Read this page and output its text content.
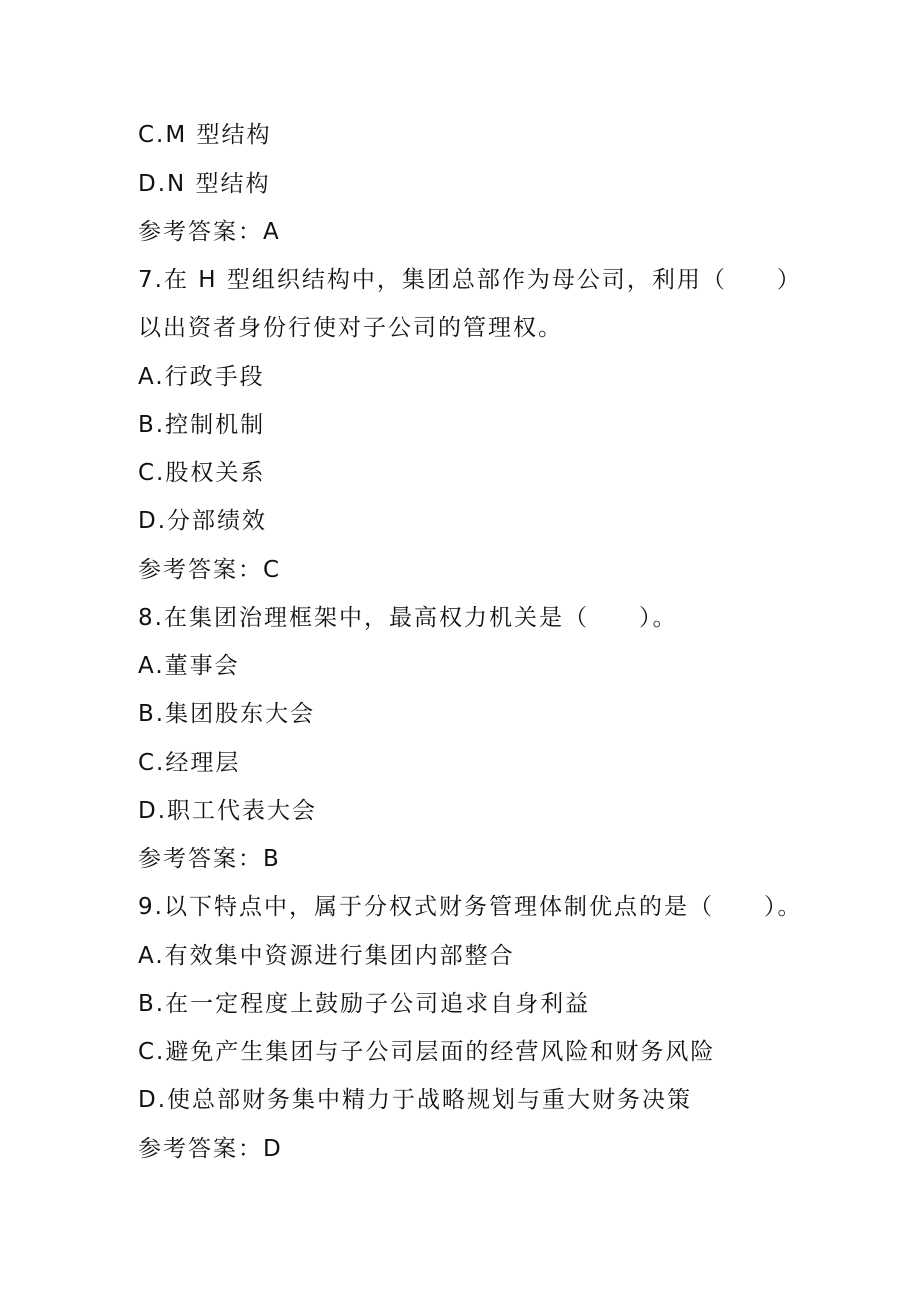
C.M 型结构
D.N 型结构
参考答案：A
7.在 H 型组织结构中，集团总部作为母公司，利用（　　）
以出资者身份行使对子公司的管理权。
A.行政手段
B.控制机制
C.股权关系
D.分部绩效
参考答案：C
8.在集团治理框架中，最高权力机关是（　　）。
A.董事会
B.集团股东大会
C.经理层
D.职工代表大会
参考答案：B
9.以下特点中，属于分权式财务管理体制优点的是（　　）。
A.有效集中资源进行集团内部整合
B.在一定程度上鼓励子公司追求自身利益
C.避免产生集团与子公司层面的经营风险和财务风险
D.使总部财务集中精力于战略规划与重大财务决策
参考答案：D
